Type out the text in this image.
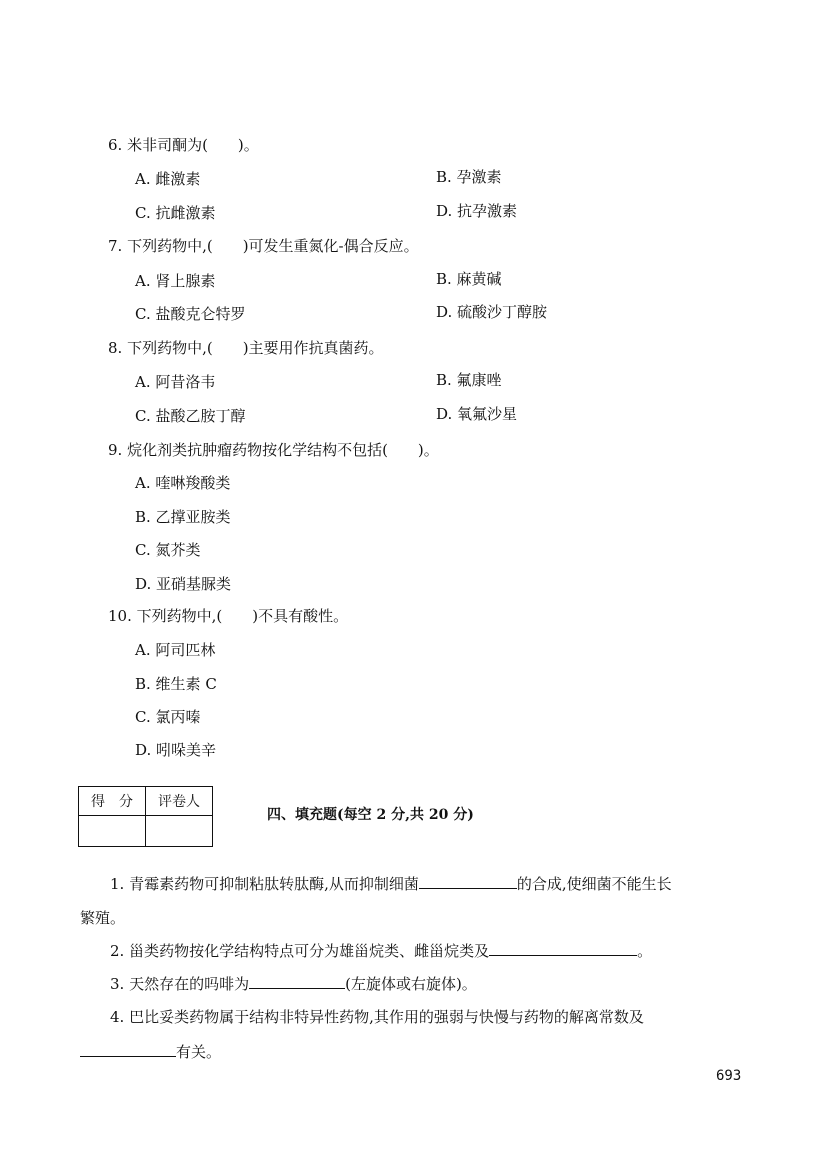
6. 米非司酮为(　　)。
A. 雌激素	B. 孕激素
C. 抗雌激素	D. 抗孕激素
7. 下列药物中,(　　)可发生重氮化-偶合反应。
A. 肾上腺素	B. 麻黄碱
C. 盐酸克仑特罗	D. 硫酸沙丁醇胺
8. 下列药物中,(　　)主要用作抗真菌药。
A. 阿昔洛韦	B. 氟康唑
C. 盐酸乙胺丁醇	D. 氧氟沙星
9. 烷化剂类抗肿瘤药物按化学结构不包括(　　)。
A. 喹啉羧酸类
B. 乙撑亚胺类
C. 氮芥类
D. 亚硝基脲类
10. 下列药物中,(　　)不具有酸性。
A. 阿司匹林
B. 维生素 C
C. 氯丙嗪
D. 吲哚美辛
得　分	评卷人

四、填充题(每空 2 分,共 20 分)
1. 青霉素药物可抑制粘肽转肽酶,从而抑制细菌	的合成,使细菌不能生长
繁殖。
2. 甾类药物按化学结构特点可分为雄甾烷类、雌甾烷类及	。
3. 天然存在的吗啡为	(左旋体或右旋体)。
4. 巴比妥类药物属于结构非特异性药物,其作用的强弱与快慢与药物的解离常数及
有关。
693
